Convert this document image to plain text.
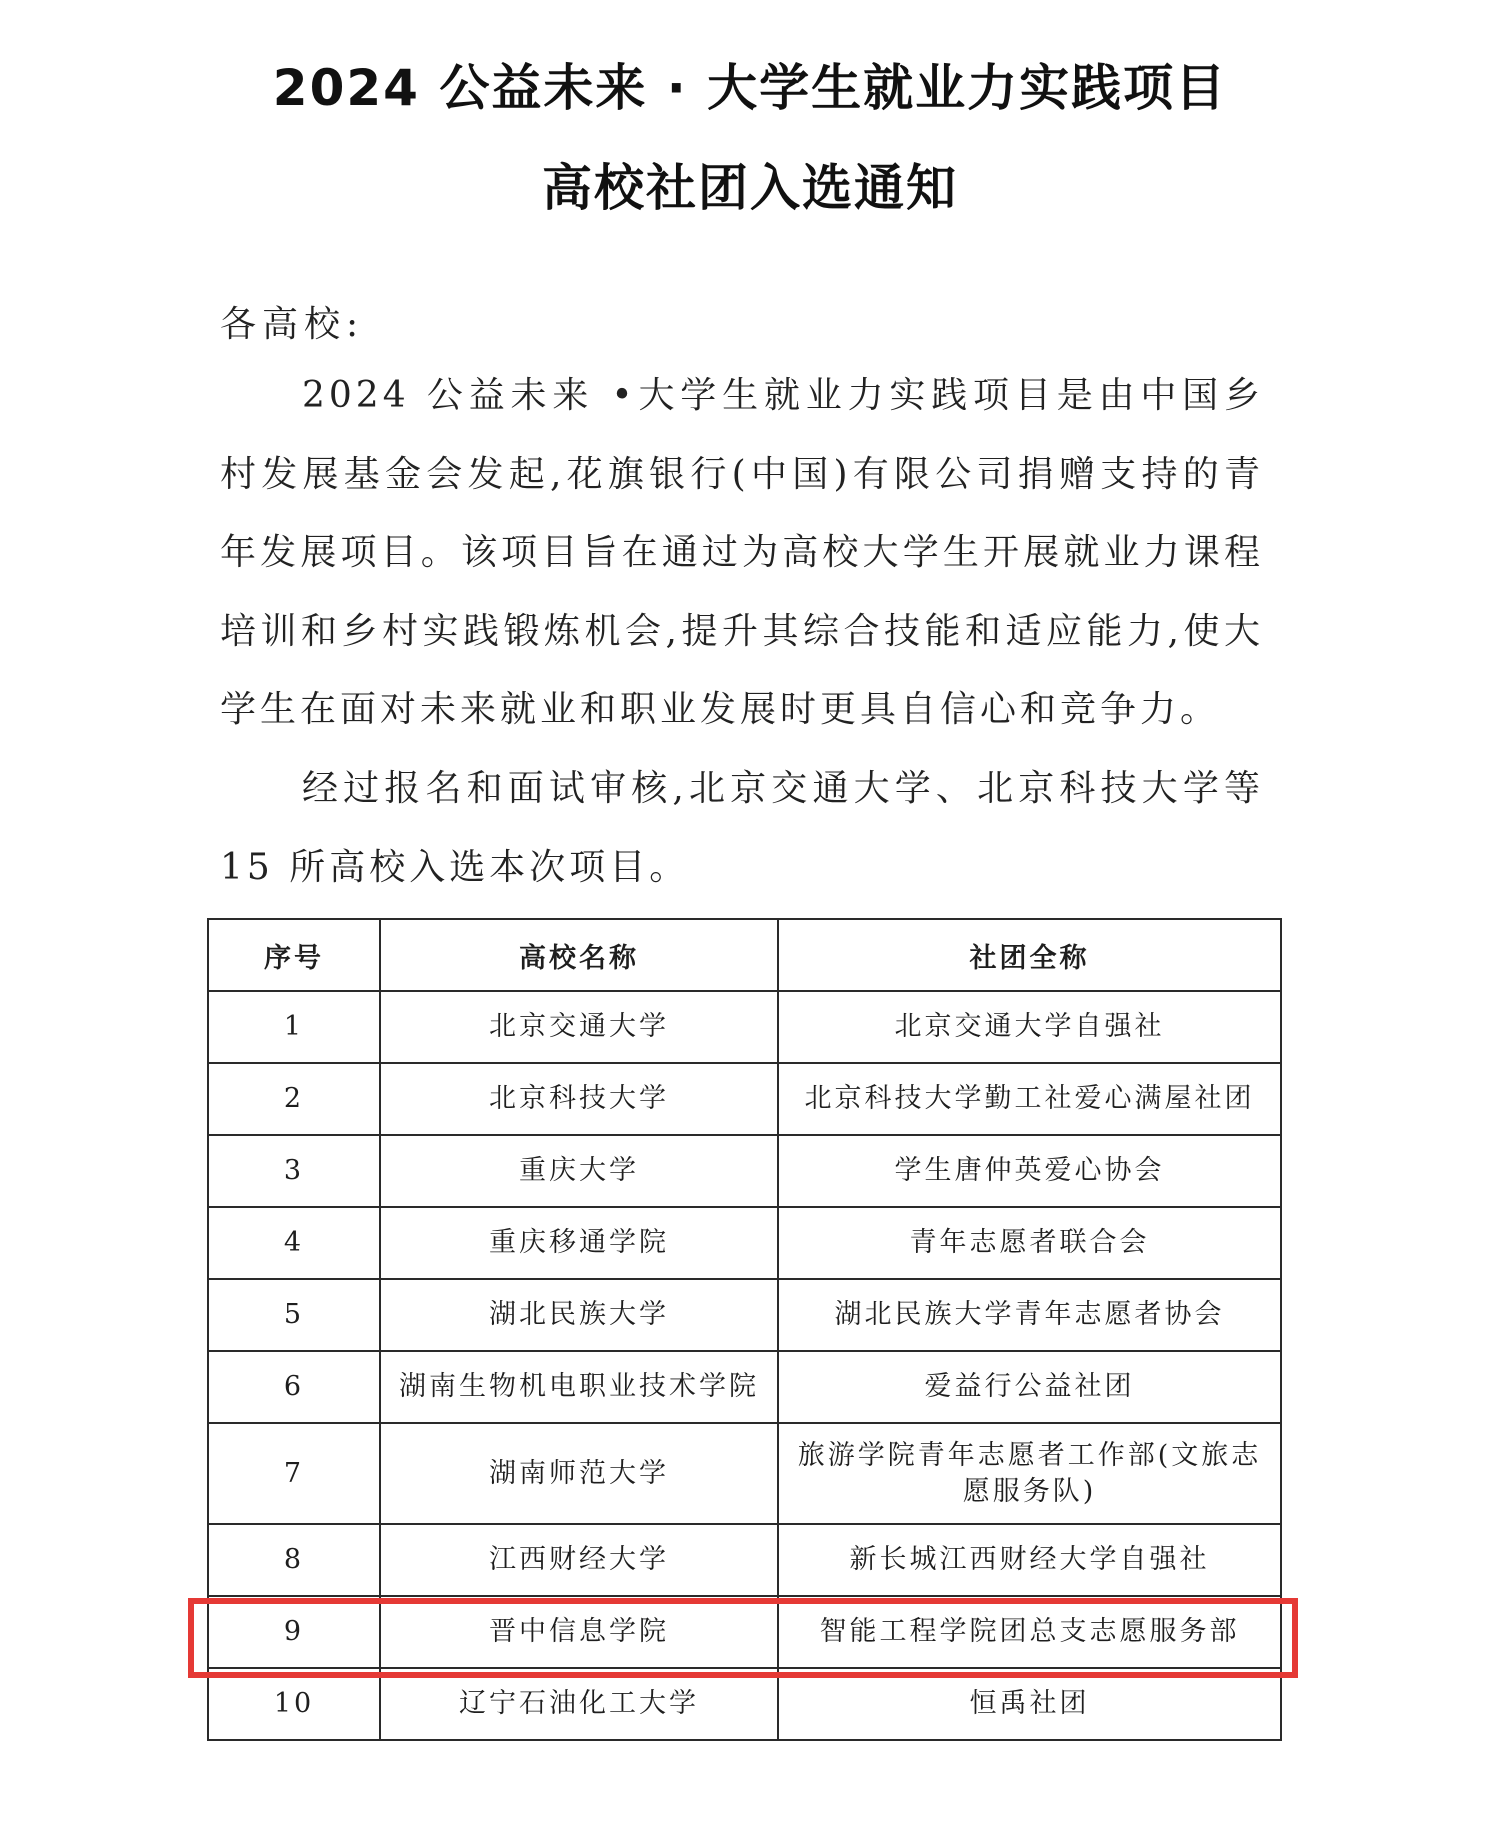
2024 公益未来 · 大学生就业力实践项目
高校社团入选通知
各高校:
2024 公益未来 •大学生就业力实践项目是由中国乡村发展基金会发起,花旗银行(中国)有限公司捐赠支持的青年发展项目。该项目旨在通过为高校大学生开展就业力课程培训和乡村实践锻炼机会,提升其综合技能和适应能力,使大学生在面对未来就业和职业发展时更具自信心和竞争力。
经过报名和面试审核,北京交通大学、北京科技大学等 15 所高校入选本次项目。
序号	高校名称	社团全称
1	北京交通大学	北京交通大学自强社
2	北京科技大学	北京科技大学勤工社爱心满屋社团
3	重庆大学	学生唐仲英爱心协会
4	重庆移通学院	青年志愿者联合会
5	湖北民族大学	湖北民族大学青年志愿者协会
6	湖南生物机电职业技术学院	爱益行公益社团
7	湖南师范大学	旅游学院青年志愿者工作部(文旅志愿服务队)
8	江西财经大学	新长城江西财经大学自强社
9	晋中信息学院	智能工程学院团总支志愿服务部
10	辽宁石油化工大学	恒禹社团
